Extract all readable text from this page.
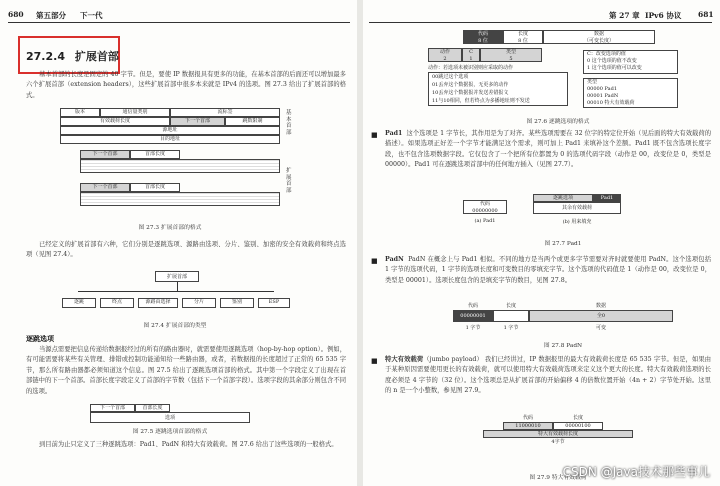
680 第五部分 下一代
27.2.4 扩展首部
基本首部的长度是固定的 40 字节。但是，要使 IP 数据报具有更多的功能，在基本首部的后面还可以增加最多六个扩展首部（extension headers），这些扩展首部中很多本来就是 IPv4 的选项。图 27.3 给出了扩展首部的格式。
版本	通信量类别	流标签
有效载荷长度	下一个首部	跳数限制
源地址
目的地址
下一个首部	首部长度
下一个首部	首部长度
基本首部
扩展首部
图 27.3 扩展首部的格式
已经定义的扩展首部有六种，它们分别是逐跳选项、源路由选项、分片、鉴别、加密的安全有效载荷和终点选项（见图 27.4）。
扩展首部
逐跳	终点	源路由选择	分片	鉴别	ESP
图 27.4 扩展首部的类型
逐跳选项
当源点需要把信息传递给数据报经过的所有的路由器时，就需要使用逐跳选项（hop-by-hop option）。例如，有可能需要将某些有关管理、排错或控制功能通知给一些路由器，或者，若数据报的长度超过了正常的 65 535 字节，那么所有路由器都必须知道这个信息。图 27.5 给出了逐跳选项首部的格式。其中第一个字段定义了出现在首部链中的下一个首部。首部长度字段定义了首部的字节数（包括下一个首部字段）。选项字段的其余部分则包含不同的选项。
下一个首部	首部长度
选项
图 27.5 逐跳选项首部的格式
到目前为止只定义了三种逐跳选项：Pad1、PadN 和特大有效载荷。图 27.6 给出了这些选项的一般格式。
第 27 章 IPv6 协议 681
代码
8 位
长度
8 位
数据
（可变长度）
动作
2
C
1
类型
5
动作：若选项未被识别则应采取的动作
00跳过这个选项
01丢弃这个数据报，无更多的动作
10丢弃这个数据报并发送差错报文
11与10相同，但若终点为多播地址则不发送
C：改变选项的值
0 这个选项的值不改变
1 这个选项的值可以改变
类型
00000 Pad1
00001 PadN
00010 特大有效载荷
图 27.6 逐跳选项的格式
■ Pad1 这个选项是 1 字节长，其作用是为了对齐。某些选项需要在 32 位字的特定位开始（见后面的特大有效载荷的描述）。如果选项正好差一个字节才能满足这个需求，则可加上 Pad1 来填补这个差额。Pad1 既不包含选项长度字段，也不包含选项数据字段。它仅包含了一个把所有位都置为 0 的选项代码字段（动作是 00，改变位是 0，类型是 00000）。Pad1 可在逐跳选项首部中的任何地方插入（见图 27.7）。
代码
00000000
(a) Pad1
逐跳选项	Pad1
其余有效载荷
(b) 用来填充
图 27.7 Pad1
■ PadN PadN 在概念上与 Pad1 相似。不同的地方是当两个或更多字节需要对齐时就要使用 PadN。这个选项包括 1 字节的选项代码，1 字节的选项长度和可变数目的零填充字节。这个选项的代码值是 1（动作是 00，改变位是 0，类型是 00001）。选项长度包含的是填充字节的数目，见图 27.8。
代码	长度	数据
00000001	全0
1 字节	1 字节	可变
图 27.8 PadN
■ 特大有效载荷（jumbo payload） 我们已经讲过，IP 数据报里的最大有效载荷长度是 65 535 字节。但是，如果由于某种原因需要使用更长的有效载荷，就可以使用特大有效载荷选项来定义这个更大的长度。特大有效载荷选项的长度必须是 4 字节的（32 位）。这个选项总是从扩展首部的开始偏移 4 的倍数位置开始（4n + 2）字节处开始。这里的 n 是一个小整数，参见图 27.9。
代码	长度
11000010	00000100
特大有效载荷长度
4字节
图 27.9 特大有效载荷
CSDN @Java技术那些事儿
